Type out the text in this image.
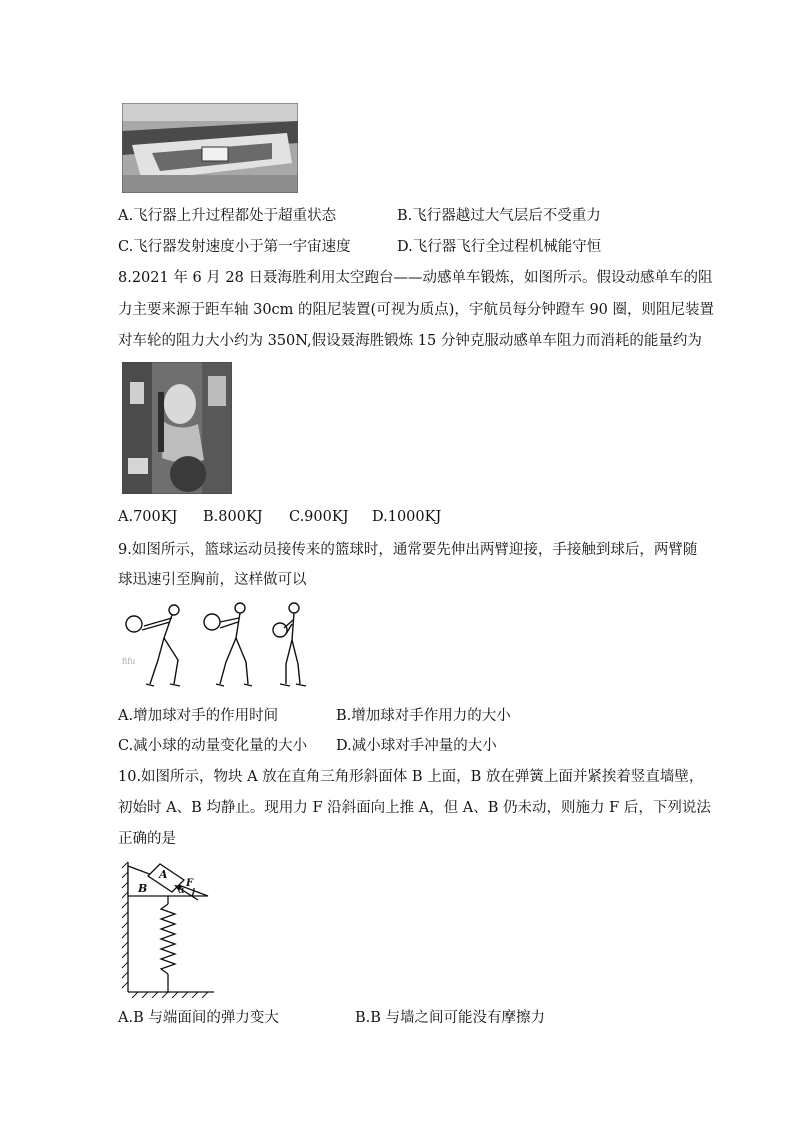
A.飞行器上升过程都处于超重状态	B.飞行器越过大气层后不受重力
C.飞行器发射速度小于第一宇宙速度	D.飞行器飞行全过程机械能守恒
8.2021 年 6 月 28 日聂海胜利用太空跑台——动感单车锻炼，如图所示。假设动感单车的阻
力主要来源于距车轴 30cm 的阻尼装置(可视为质点)，宇航员每分钟蹬车 90 圈，则阻尼装置
对车轮的阻力大小约为 350N,假设聂海胜锻炼 15 分钟克服动感单车阻力而消耗的能量约为
A.700KJ B.800KJ C.900KJ D.1000KJ
9.如图所示，篮球运动员接传来的篮球时，通常要先伸出两臂迎接，手接触到球后，两臂随
球迅速引至胸前，这样做可以
fifu
A.增加球对手的作用时间	B.增加球对手作用力的大小
C.减小球的动量变化量的大小 D.减小球对手冲量的大小
10.如图所示，物块 A 放在直角三角形斜面体 B 上面，B 放在弹簧上面并紧挨着竖直墙壁，
初始时 A、B 均静止。现用力 F 沿斜面向上推 A，但 A、B 仍未动，则施力 F 后，下列说法
正确的是
A
B	F
α
A.B 与端面间的弹力变大	B.B 与墙之间可能没有摩擦力
